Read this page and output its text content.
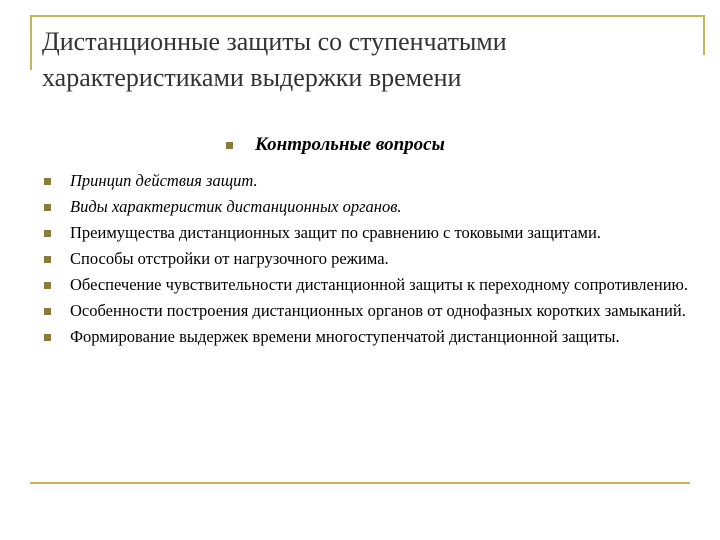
Дистанционные защиты со ступенчатыми
характеристиками выдержки времени
Контрольные вопросы
Принцип действия защит.
Виды характеристик дистанционных органов.
Преимущества дистанционных защит по сравнению с токовыми защитами.
Способы отстройки от нагрузочного режима.
Обеспечение чувствительности дистанционной защиты к переходному сопротивлению.
Особенности построения дистанционных органов от однофазных коротких замыканий.
Формирование выдержек времени многоступенчатой дистанционной защиты.
